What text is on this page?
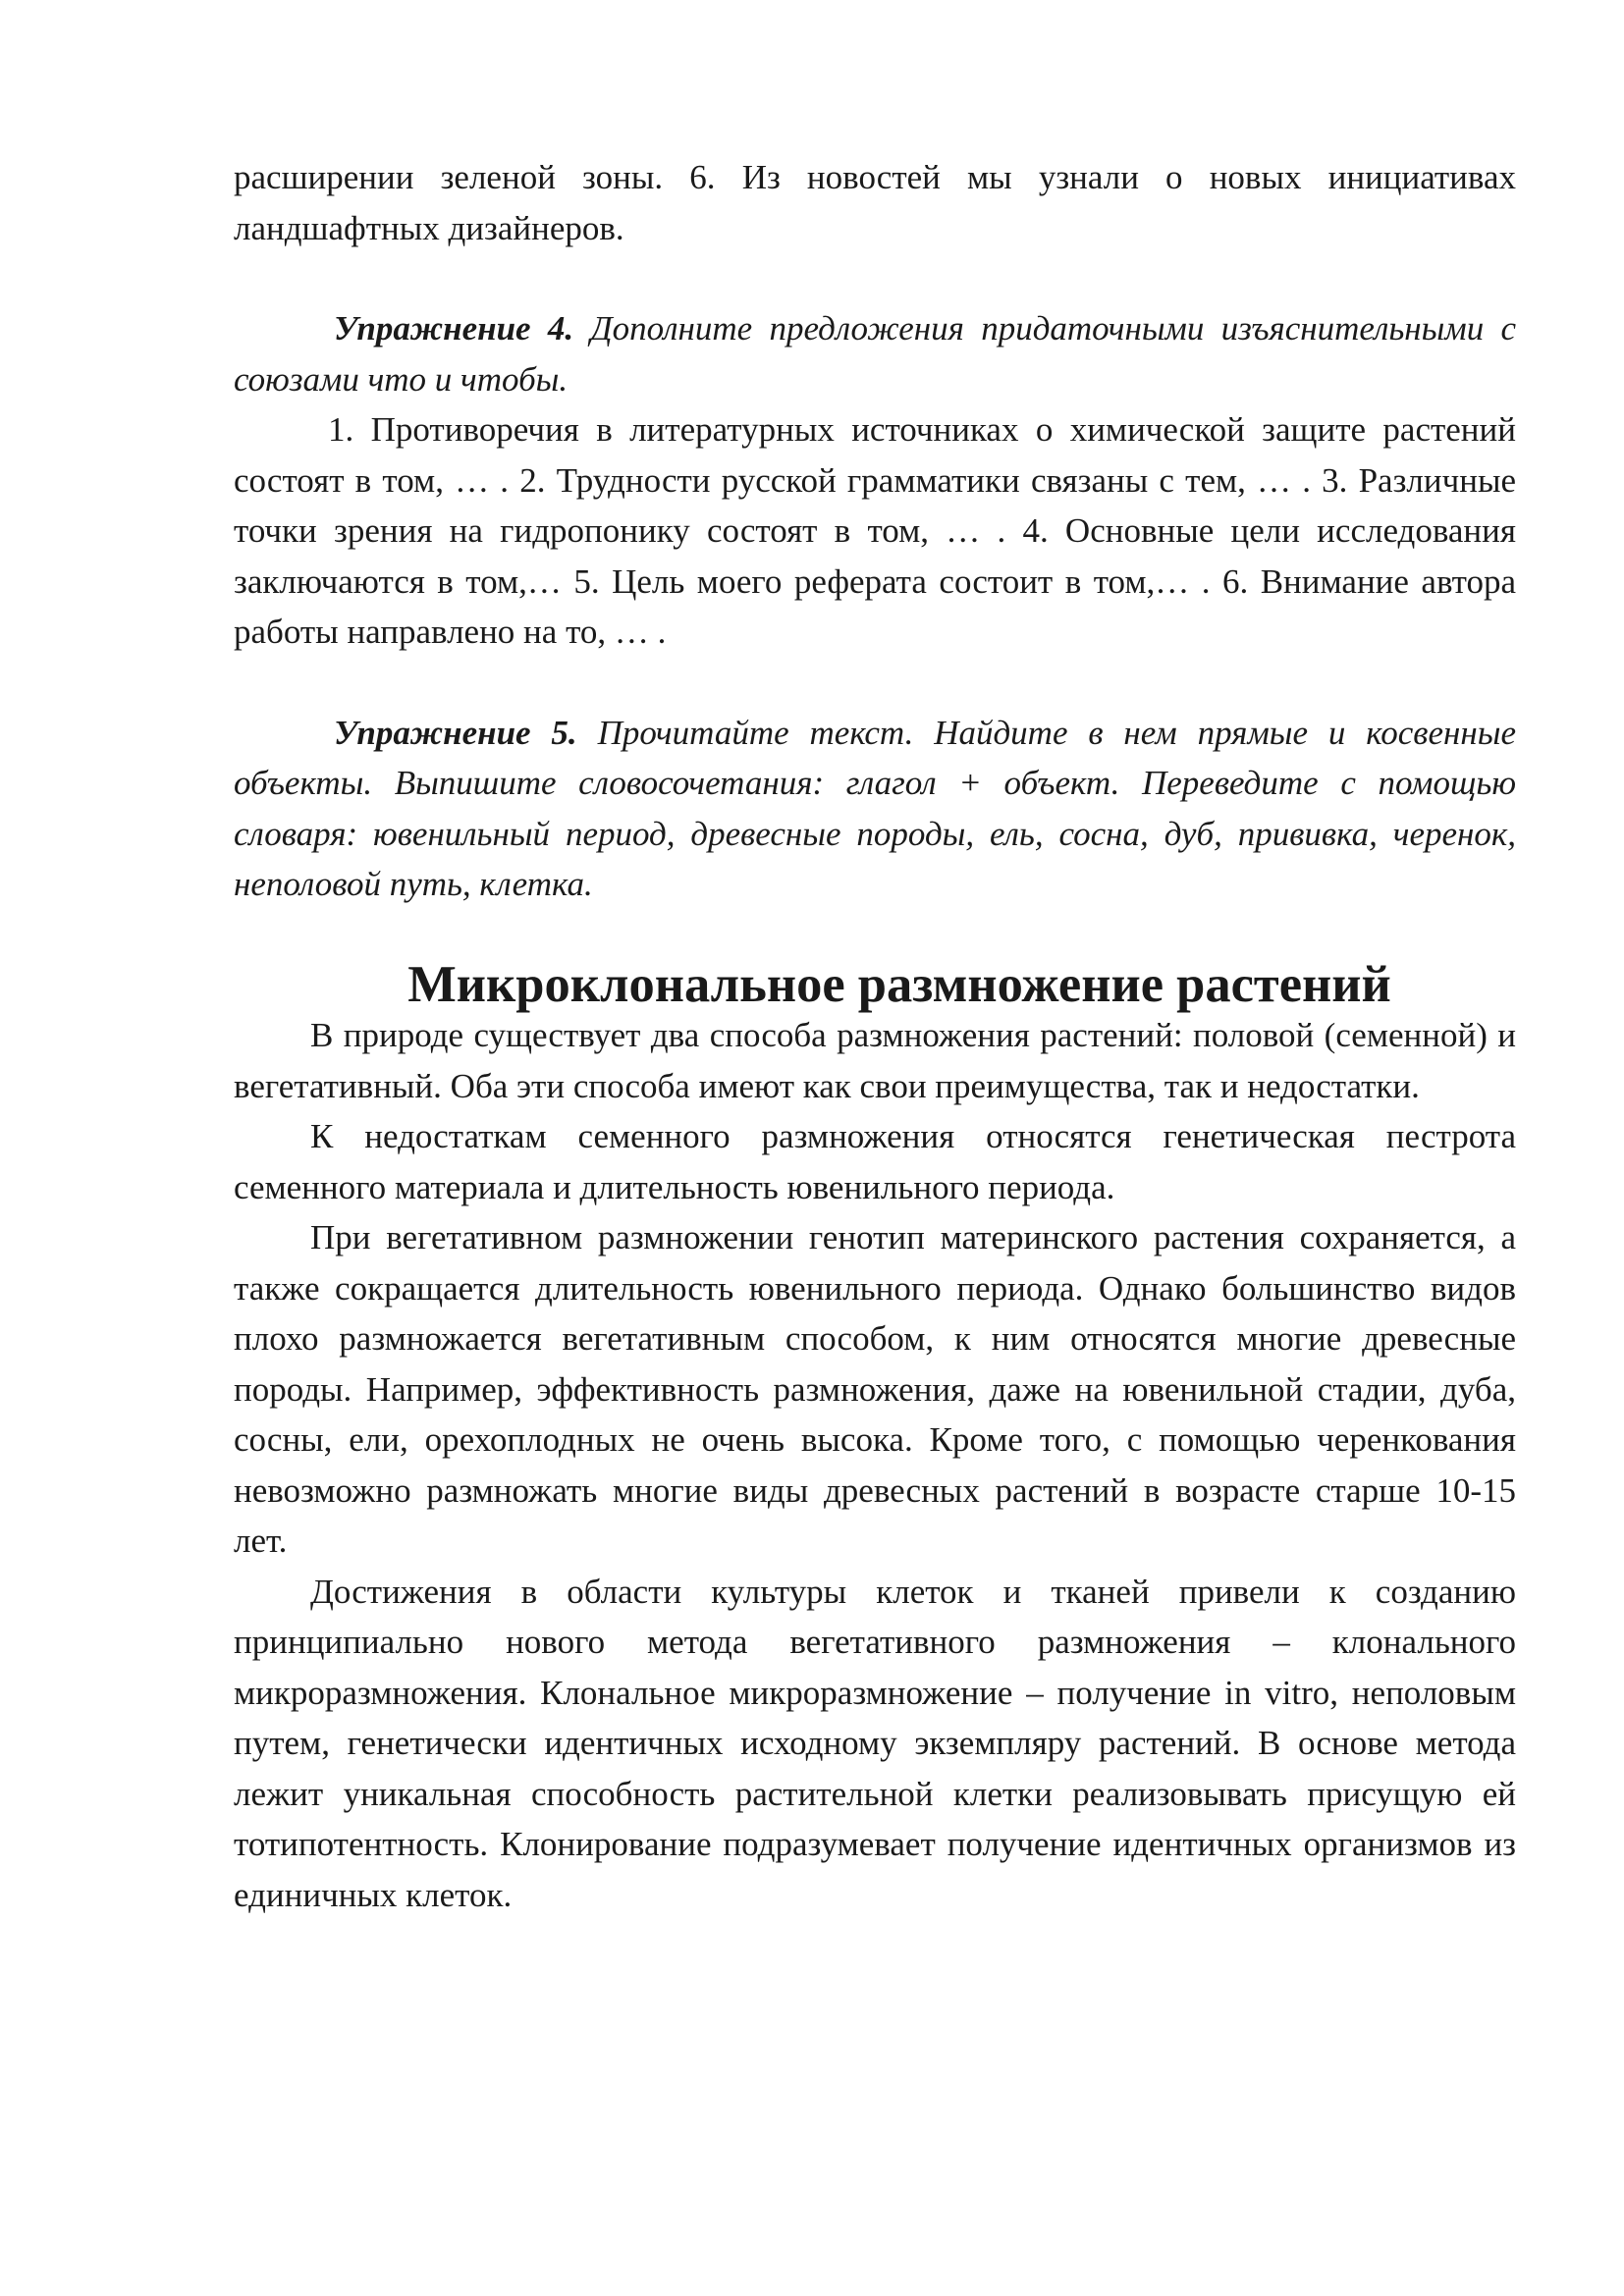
расширении зеленой зоны. 6. Из новостей мы узнали о новых инициативах ландшафтных дизайнеров.

Упражнение 4. Дополните предложения придаточными изъяснительными с союзами что и чтобы.

1. Противоречия в литературных источниках о химической защите растений состоят в том, … . 2. Трудности русской грамматики связаны с тем, … . 3. Различные точки зрения на гидропонику состоят в том, … . 4. Основные цели исследования заключаются в том,… 5. Цель моего реферата состоит в том,… . 6. Внимание автора работы направлено на то, … .

Упражнение 5. Прочитайте текст. Найдите в нем прямые и косвенные объекты. Выпишите словосочетания: глагол + объект. Переведите с помощью словаря: ювенильный период, древесные породы, ель, сосна, дуб, прививка, черенок, неполовой путь, клетка.

Микроклональное размножение растений

В природе существует два способа размножения растений: половой (семенной) и вегетативный. Оба эти способа имеют как свои преимущества, так и недостатки.

К недостаткам семенного размножения относятся генетическая пестрота семенного материала и длительность ювенильного периода.

При вегетативном размножении генотип материнского растения сохраняется, а также сокращается длительность ювенильного периода. Однако большинство видов плохо размножается вегетативным способом, к ним относятся многие древесные породы. Например, эффективность размножения, даже на ювенильной стадии, дуба, сосны, ели, орехоплодных не очень высока. Кроме того, с помощью черенкования невозможно размножать многие виды древесных растений в возрасте старше 10-15 лет.

Достижения в области культуры клеток и тканей привели к созданию принципиально нового метода вегетативного размножения – клонального микроразмножения. Клональное микроразмножение – получение in vitro, неполовым путем, генетически идентичных исходному экземпляру растений. В основе метода лежит уникальная способность растительной клетки реализовывать присущую ей тотипотентность. Клонирование подразумевает получение идентичных организмов из единичных клеток.
